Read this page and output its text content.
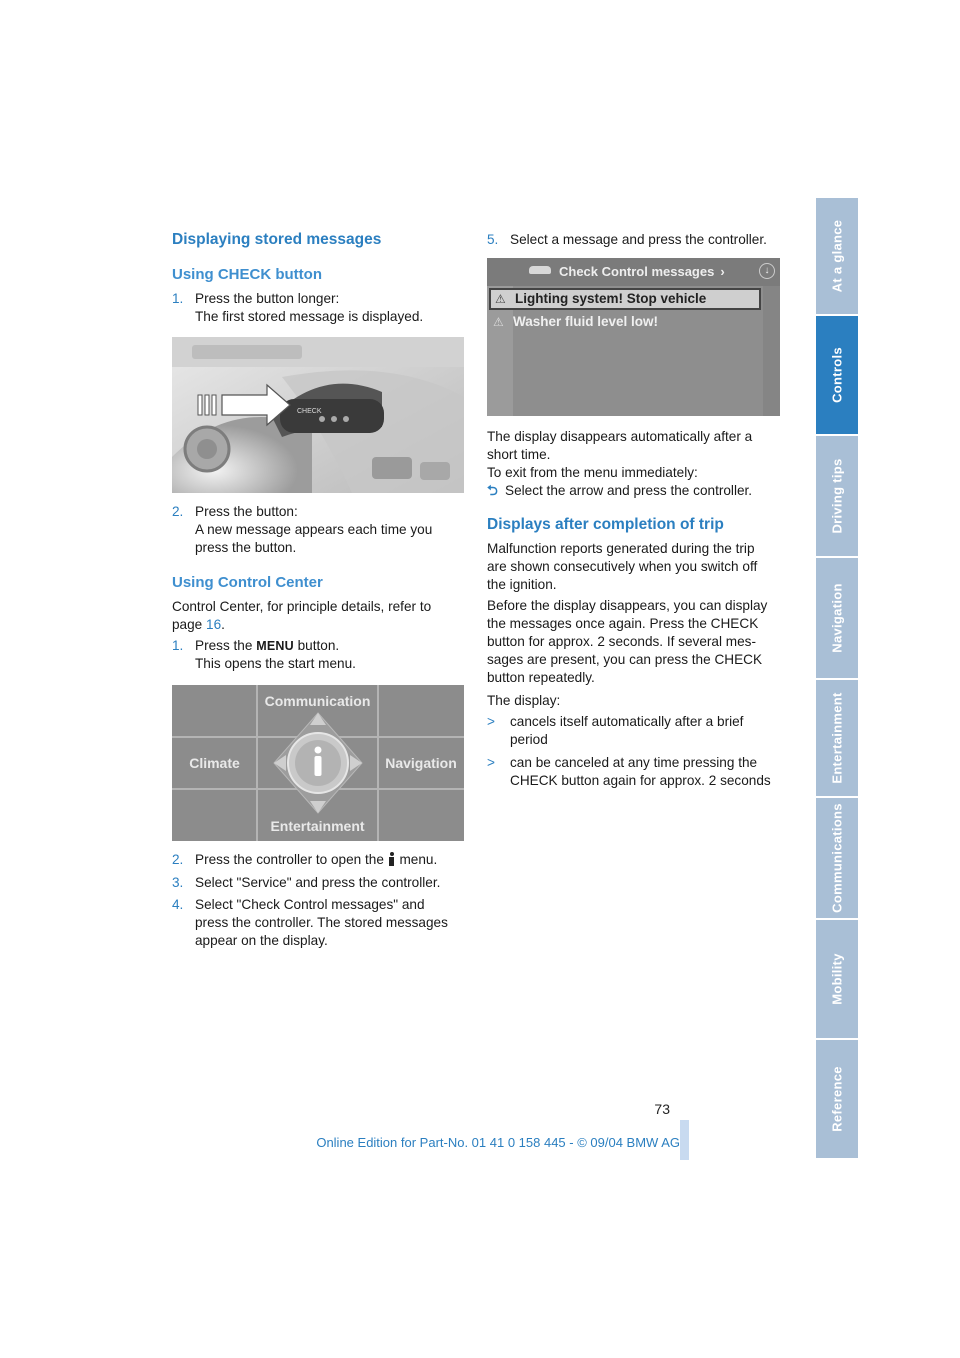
Displaying stored messages
Using CHECK button
1. Press the button longer:
The first stored message is displayed.
CHECK
2. Press the button:
A new message appears each time you
press the button.
Using Control Center
Control Center, for principle details, refer to
page 16.
1. Press the MENU button.
This opens the start menu.
Communication
Climate	Navigation
Entertainment
2. Press the controller to open the
menu.
3. Select "Service" and press the controller.
4. Select "Check Control messages" and
press the controller. The stored messages
appear on the display.
5. Select a message and press the controller.
Check Control messages ›	↓
⚠ Lighting system! Stop vehicle
⚠ Washer fluid level low!
The display disappears automatically after a
short time.
To exit from the menu immediately:
⮌ Select the arrow and press the controller.
Displays after completion of trip
Malfunction reports generated during the trip
are shown consecutively when you switch off
the ignition.
Before the display disappears, you can display
the messages once again. Press the CHECK
button for approx. 2 seconds. If several mes-
sages are present, you can press the CHECK
button repeatedly.
The display:
> cancels itself automatically after a brief
period
> can be canceled at any time pressing the
CHECK button again for approx. 2 seconds
At a glance
Controls
Driving tips
Navigation
Entertainment
Communications
Mobility
Reference
73
Online Edition for Part-No. 01 41 0 158 445 - © 09/04 BMW AG
